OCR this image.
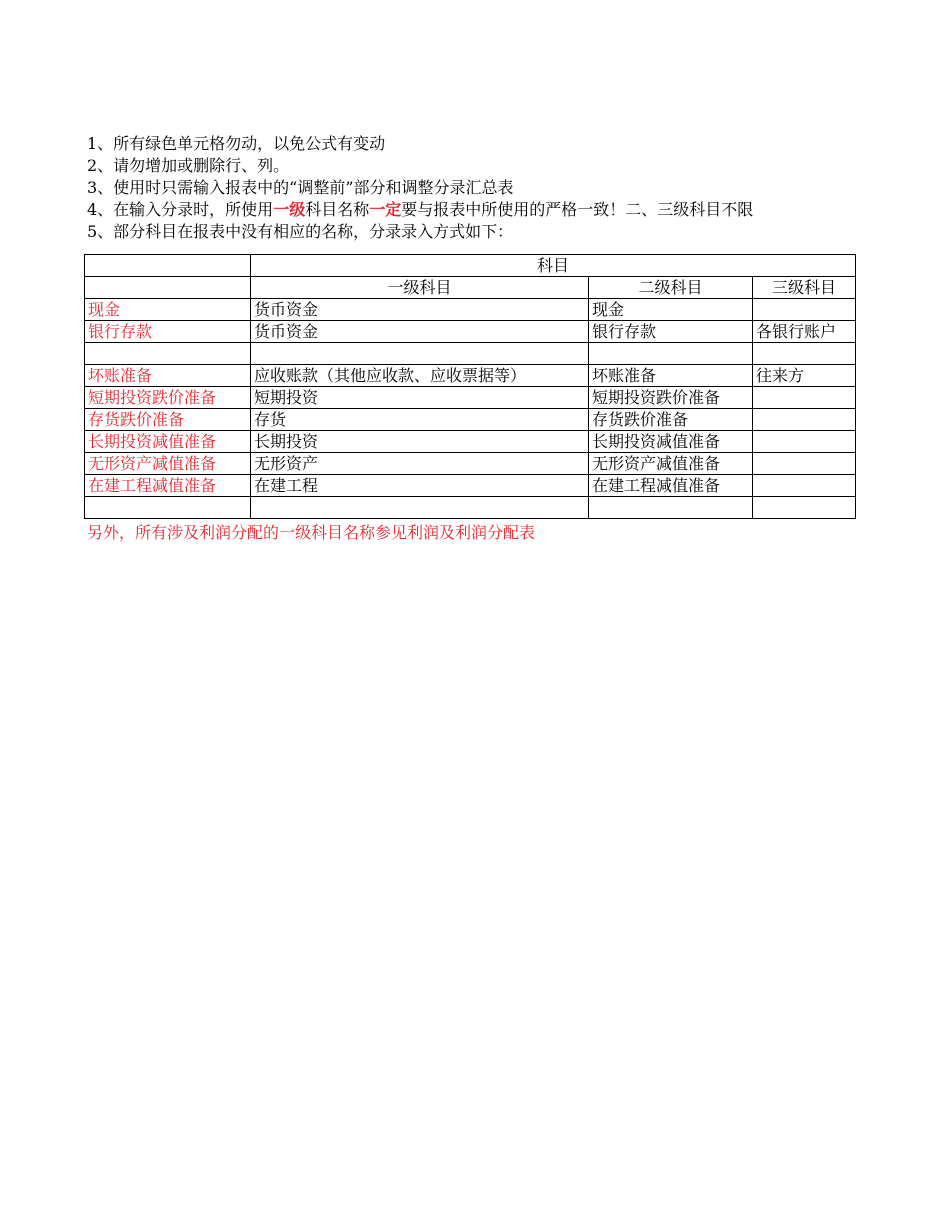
1、所有绿色单元格勿动，以免公式有变动
2、请勿增加或删除行、列。
3、使用时只需输入报表中的“调整前”部分和调整分录汇总表
4、在输入分录时，所使用一级科目名称一定要与报表中所使用的严格一致！二、三级科目不限
5、部分科目在报表中没有相应的名称，分录录入方式如下：
	科目		
	一级科目	二级科目	三级科目
现金	货币资金	现金	
银行存款	货币资金	银行存款	各银行账户

坏账准备	应收账款（其他应收款、应收票据等）	坏账准备	往来方
短期投资跌价准备	短期投资	短期投资跌价准备	
存货跌价准备	存货	存货跌价准备	
长期投资减值准备	长期投资	长期投资减值准备	
无形资产减值准备	无形资产	无形资产减值准备	
在建工程减值准备	在建工程	在建工程减值准备	

另外，所有涉及利润分配的一级科目名称参见利润及利润分配表
